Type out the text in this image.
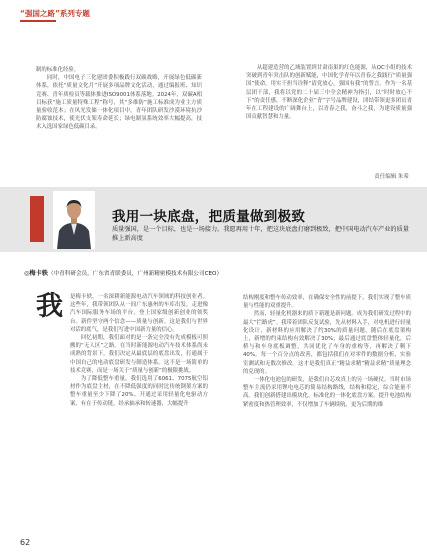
“强国之路”系列专题

制的标准化经验。

同时，中国电子三化建团委积极践行双碳战略，开展绿色低碳新体系，依托“质量文化月”开展多项品牌文化活动，通过编报班、知识竞赛、青年质检员等载体推进ISO9001体系落地。2024年，双碳A相目标获“施工质量特殊工程”称号，其“多维防”施工标准成为业主方质量验收范本；在风光发储一体化项目中，青年团队研发沙漠环境抗沙防腐蚀技术，使光伏支架寿命延长；绿电制氢系统效率大幅提高，技术入选国家绿色低碳目录。

从超建造营的乙域装置到甘肃南果的红色能源，从QC小组的技术突破到青年突击队的创新赋能，中国化学青年以青春之我践行“质量强国”使命，用实干担当诠释“请党放心，强国有我”的誓言。作为一名基层团干部，我将以党的二十届三中全会精神为指引，以“时时放心不下”的责任感，不断深化企业“青”字号品牌建设，团结带领更多团员青年在工程建设的广阔舞台上，以青春之我，奋斗之我，为建设质量强国贡献智慧和力量。

责任编辑 朱希
我用一块底盘，把质量做到极致
质量强国，是一个目标，也是一场接力。我愿再用十年，把这块底盘打磨到极致，把中国电动汽车产业的质量推上新高度
◎梅卡轶（中青科研会员，广东省青联委员，广州新精密模技术有限公司CEO）
我 是梅卡轶，一名深耕新能源电动汽车领域的科技创业者。这些年，我带领团队从一间广东惠州的车库出发，走进像汽车国际服务车场的平台，登上国家级创新创业的领奖台。新件坚守两个信念——质量与创新。这是我们与世界对话的底气，是我们写进中国新力量的信心。

回忆初期，我们面对的是一条完全没有先成模板可照搬的“无人区”之路。在当时新能源电动汽车技术体系尚未成熟的背景下，我们决定从最底层的底盘出发，打通属于中国自己的电动底盘研发与制造体系。这不是一场简单的技术竞赛，而是一场关于“质量与创新”的极限挑战。

为了降低整车重量，我们选用了6061、7075航空铝材作为底盘主材，在不降低强度的同时比传统钢架方案的整车重量至少下降了20%。开通过采用轻量化电驱动方案，有在于传动链，经承轴承和转速器，大幅提升

结构刚度和整车传动效率，在确保安全性的前提下，我们实现了整车质量与性能的双重提升。

然而，轻量化机器来的质下新题是新问题。成为我们研发过程中的最大“拦路虎”。我带着团队反复试验，先从材料入手，对电机进行轻量化设计，新材料的应用解决了约30%的质量问题，随后在底盘架构上，新增的约束结构有效解决了30%；最后通过底盘整体轻量化，后桥与和车身底板调整，共同优化了车身的重构等，再解决了剩下40%。每一个百分点的改善，都包括我们在对零件的数据分析、实验室测试和无数次修改。这才是我们真正“精益求精”精益求精”质量理念的兑现的。

一体化电池包的研发，是我们自芯攻真上的另一场硬仗。当时市场整车主流仍采用锂电电芯的简易结构路线，结构和稳定，综合能量不高。我们创新搭建出模块化、标准化的一体化底盘方案，提升电池结构紧密度和热管理效率，不仅增加了车辆续航，更为后期的维

62
